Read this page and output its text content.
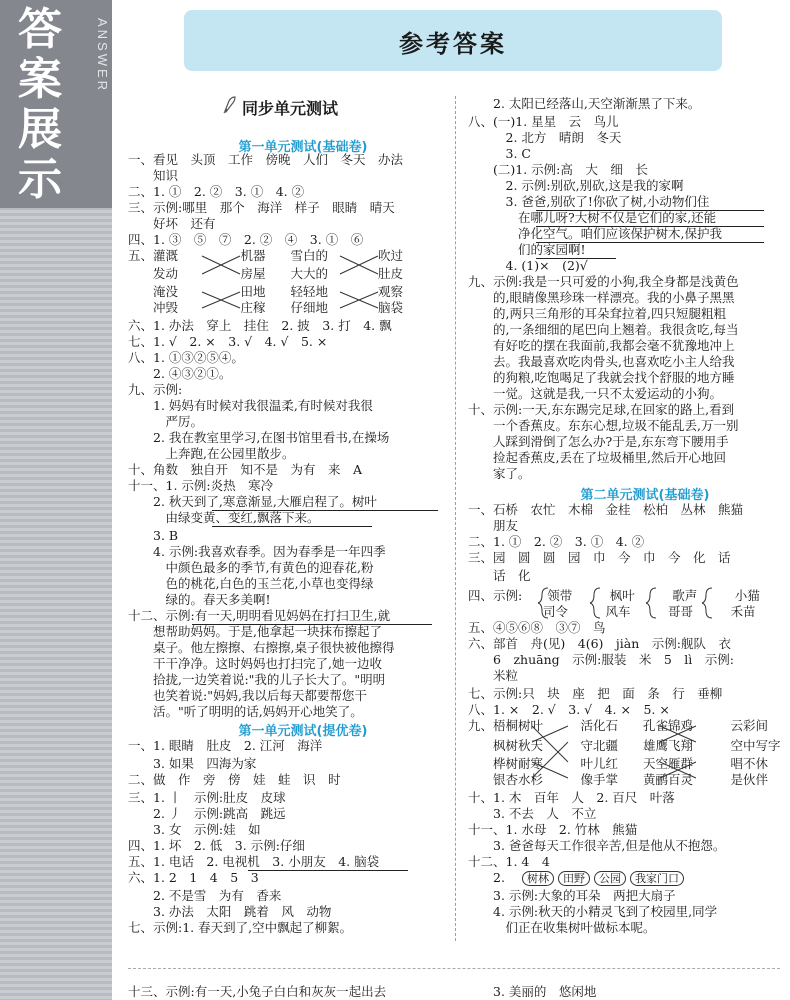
答
案
展
示
ANSWER	参考答案
同步单元测试
第一单元测试(基础卷)
一、看见　头顶　工作　傍晚　人们　冬天　办法
　　知识
二、1. ①　2. ②　3. ①　4. ②
三、示例:哪里　那个　海洋　样子　眼睛　晴天
　　好坏　还有
四、1. ③　⑤　⑦　2. ②　④　3. ①　⑥
五、灌溉　　　　　机器　　雪白的　　　　吹过
　　发动　　　　　房屋　　大大的　　　　肚皮
　　淹没　　　　　田地　　轻轻地　　　　观察
　　冲毁　　　　　庄稼　　仔细地　　　　脑袋
六、1. 办法　穿上　挂住　2. 披　3. 打　4. 飘
七、1. √　2. ×　3. √　4. √　5. ×
八、1. ①③②⑤④。
　　2. ④③②①。
九、示例:
　　1. 妈妈有时候对我很温柔,有时候对我很
　　　严厉。
　　2. 我在教室里学习,在图书馆里看书,在操场
　　　上奔跑,在公园里散步。
十、角数　独自开　知不是　为有　来　A
十一、1. 示例:炎热　寒冷
　　2. 秋天到了,寒意渐显,大雁启程了。树叶
　　　由绿变黄、变红,飘落下来。
　　3. B
　　4. 示例:我喜欢春季。因为春季是一年四季
　　　中颜色最多的季节,有黄色的迎春花,粉
　　　色的桃花,白色的玉兰花,小草也变得绿
　　　绿的。春天多美啊!
十二、示例:有一天,明明看见妈妈在打扫卫生,就
　　想帮助妈妈。于是,他拿起一块抹布擦起了
　　桌子。他左擦擦、右擦擦,桌子很快被他擦得
　　干干净净。这时妈妈也打扫完了,她一边收
　　拾拢,一边笑着说:"我的儿子长大了。"明明
　　也笑着说:"妈妈,我以后每天都要帮您干
　　活。"听了明明的话,妈妈开心地笑了。
第一单元测试(提优卷)
一、1. 眼睛　肚皮　2. 江河　海洋
　　3. 如果　四海为家
二、做　作　旁　傍　娃　蛙　识　时
三、1. 丨　示例:肚皮　皮球
　　2. 丿　示例:跳高　跳远
　　3. 女　示例:娃　如
四、1. 坏　2. 低　3. 示例:仔细
五、1. 电话　2. 电视机　3. 小朋友　4. 脑袋
六、1. 2　1　4　5　3
　　2. 不是雪　为有　香来
　　3. 办法　太阳　跳着　风　动物
七、示例:1. 春天到了,空中飘起了柳絮。
十三、示例:有一天,小兔子白白和灰灰一起出去
　　2. 太阳已经落山,天空渐渐黑了下来。
八、(一)1. 星星　云　鸟儿
　　　2. 北方　晴朗　冬天
　　　3. C
　　(二)1. 示例:高　大　细　长
　　　2. 示例:别砍,别砍,这是我的家啊
　　　3. 爸爸,别砍了!你砍了树,小动物们住
　　　　在哪儿呀?大树不仅是它们的家,还能
　　　　净化空气。咱们应该保护树木,保护我
　　　　们的家园啊!
　　　4. (1)×　(2)√
九、示例:我是一只可爱的小狗,我全身都是浅黄色
　　的,眼睛像黑珍珠一样漂亮。我的小鼻子黑黑
　　的,两只三角形的耳朵耷拉着,四只短腿粗粗
　　的,一条细细的尾巴向上翘着。我很贪吃,每当
　　有好吃的摆在我面前,我都会毫不犹豫地冲上
　　去。我最喜欢吃肉骨头,也喜欢吃小主人给我
　　的狗粮,吃饱喝足了我就会找个舒服的地方睡
　　一觉。这就是我,一只不太爱运动的小狗。
十、示例:一天,东东踢完足球,在回家的路上,看到
　　一个香蕉皮。东东心想,垃圾不能乱丢,万一别
　　人踩到滑倒了怎么办?于是,东东弯下腰用手
　　捡起香蕉皮,丢在了垃圾桶里,然后开心地回
　　家了。
第二单元测试(基础卷)
一、石桥　农忙　木棉　金桂　松柏　丛林　熊猫
　　朋友
二、1. ①　2. ②　3. ①　4. ②
三、园　圆　圆　园　巾　今　巾　今　化　话
　　话　化
四、示例:　　领带　　　枫叶　　　歌声　　　小猫
　　　　　　司令　　　风车　　　哥哥　　　禾苗
五、④⑤⑥⑧　③⑦　鸟
六、部首　舟(见)　4(6)　jiàn　示例:舰队　衣
　　6　zhuāng　示例:服装　米　5　lì　示例:
　　米粒
七、示例:只　块　座　把　面　条　行　垂柳
八、1. ×　2. √　3. √　4. ×　5. ×
九、梧桐树叶　　　活化石　　孔雀锦鸡　　　云彩间
　　枫树秋天　　　守北疆　　雄鹰飞翔　　　空中写字
　　桦树耐寒　　　叶儿红　　天空雁群　　　唱不休
　　银杏水杉　　　像手掌　　黄鹂百灵　　　是伙伴
十、1. 木　百年　人　2. 百尺　叶落
　　3. 不去　人　不立
十一、1. 水母　2. 竹林　熊猫
　　3. 爸爸每天工作很辛苦,但是他从不抱怨。
十二、1. 4　4
　　2.
　　3. 示例:大象的耳朵　两把大扇子
　　4. 示例:秋天的小精灵飞到了校园里,同学
　　　们正在收集树叶做标本呢。
　　3. 美丽的　悠闲地
树林	田野	公园	我家门口
